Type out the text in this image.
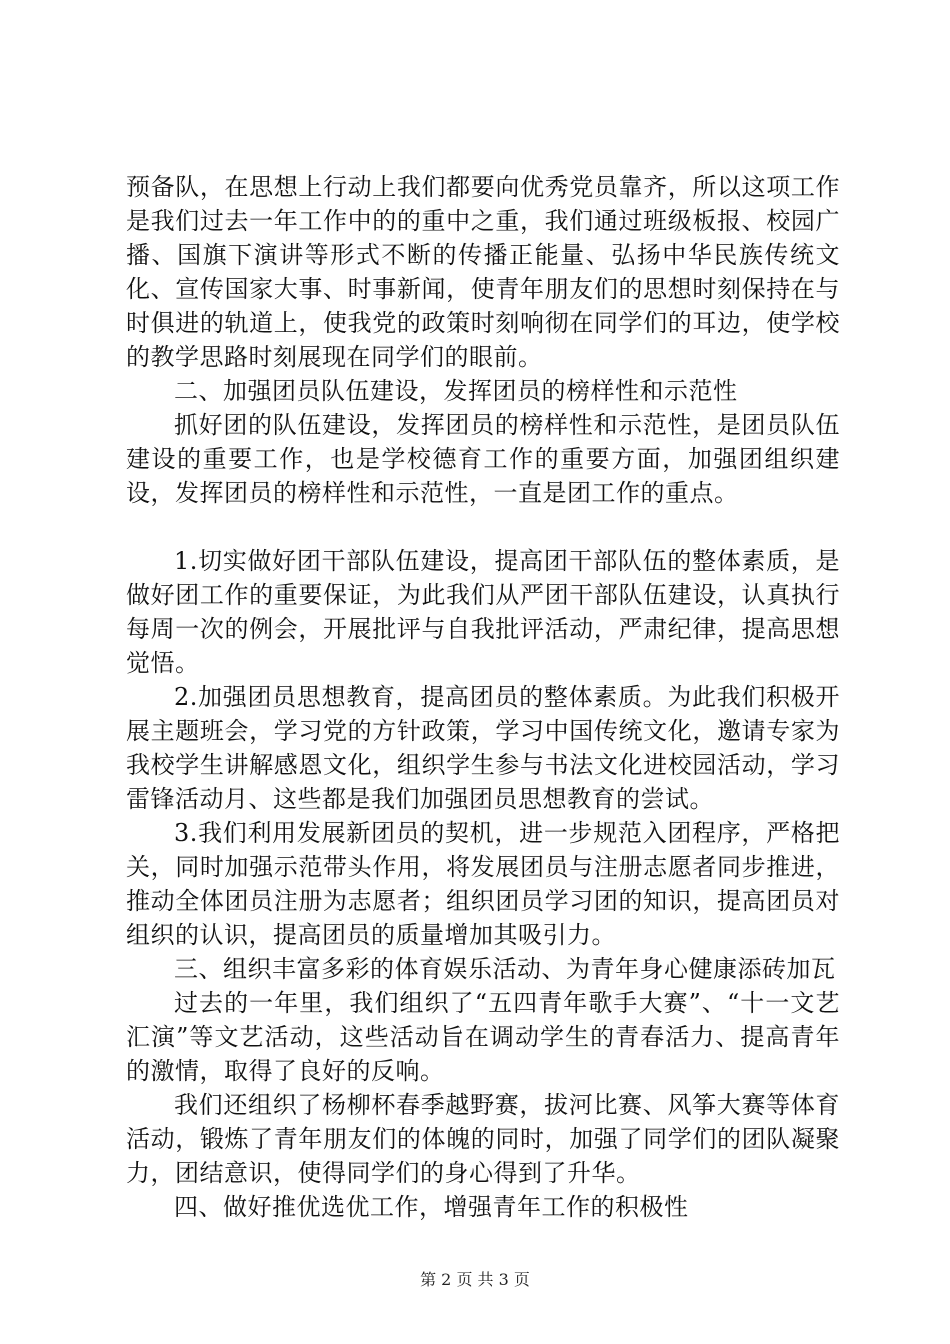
预备队，在思想上行动上我们都要向优秀党员靠齐，所以这项工作是我们过去一年工作中的的重中之重，我们通过班级板报、校园广播、国旗下演讲等形式不断的传播正能量、弘扬中华民族传统文化、宣传国家大事、时事新闻，使青年朋友们的思想时刻保持在与时俱进的轨道上，使我党的政策时刻响彻在同学们的耳边，使学校的教学思路时刻展现在同学们的眼前。

二、加强团员队伍建设，发挥团员的榜样性和示范性

抓好团的队伍建设，发挥团员的榜样性和示范性，是团员队伍建设的重要工作，也是学校德育工作的重要方面，加强团组织建设，发挥团员的榜样性和示范性，一直是团工作的重点。

1.切实做好团干部队伍建设，提高团干部队伍的整体素质，是做好团工作的重要保证，为此我们从严团干部队伍建设，认真执行每周一次的例会，开展批评与自我批评活动，严肃纪律，提高思想觉悟。

2.加强团员思想教育，提高团员的整体素质。为此我们积极开展主题班会，学习党的方针政策，学习中国传统文化，邀请专家为我校学生讲解感恩文化，组织学生参与书法文化进校园活动，学习雷锋活动月、这些都是我们加强团员思想教育的尝试。

3.我们利用发展新团员的契机，进一步规范入团程序，严格把关，同时加强示范带头作用，将发展团员与注册志愿者同步推进，推动全体团员注册为志愿者；组织团员学习团的知识，提高团员对组织的认识，提高团员的质量增加其吸引力。

三、组织丰富多彩的体育娱乐活动、为青年身心健康添砖加瓦

过去的一年里，我们组织了“五四青年歌手大赛”、“十一文艺汇演”等文艺活动，这些活动旨在调动学生的青春活力、提高青年的激情，取得了良好的反响。

我们还组织了杨柳杯春季越野赛，拔河比赛、风筝大赛等体育活动，锻炼了青年朋友们的体魄的同时，加强了同学们的团队凝聚力，团结意识，使得同学们的身心得到了升华。

四、做好推优选优工作，增强青年工作的积极性

第 2 页 共 3 页
